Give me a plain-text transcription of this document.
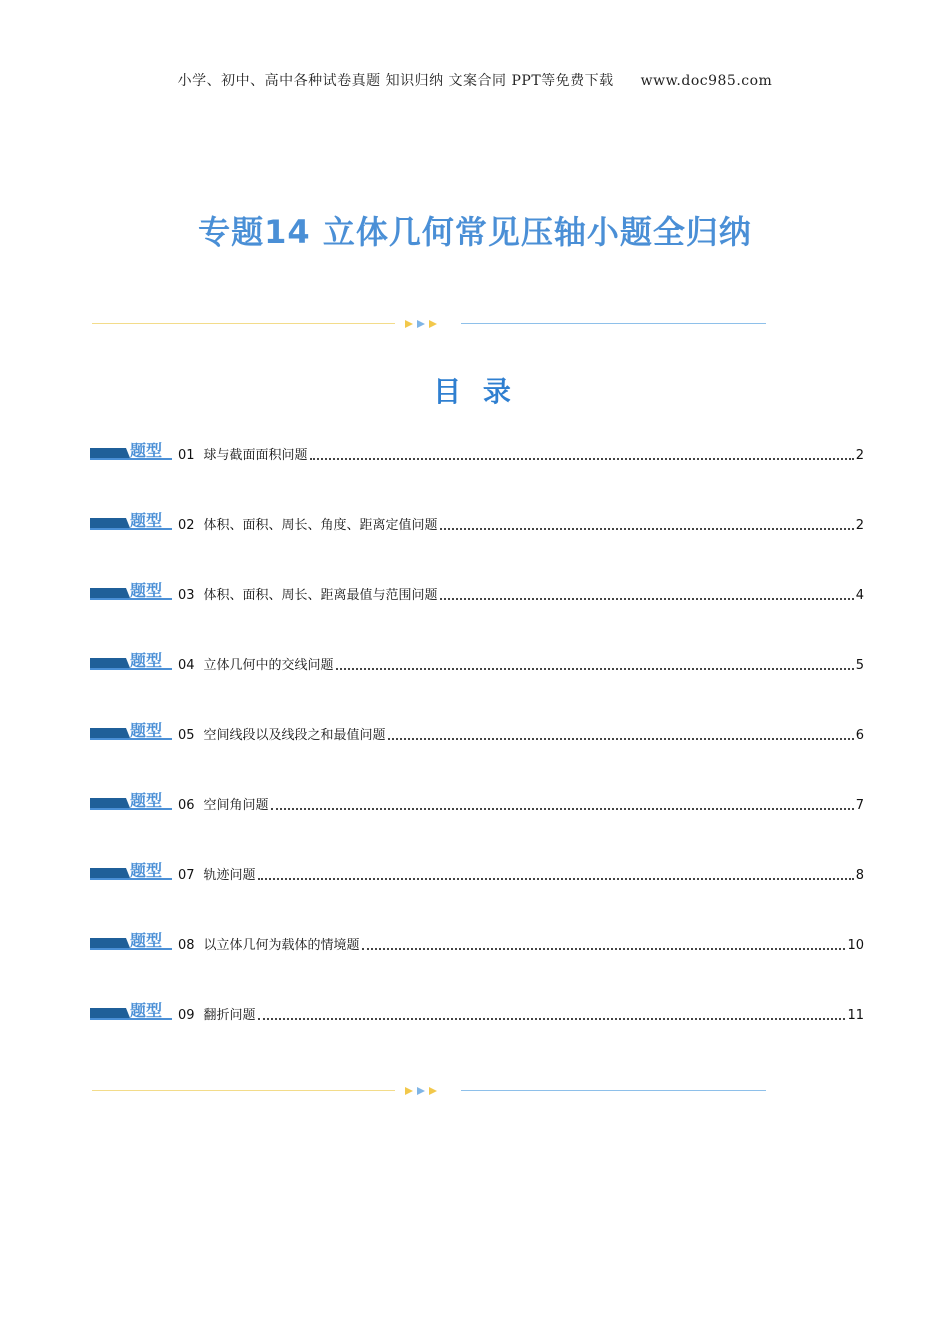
小学、初中、高中各种试卷真题 知识归纳 文案合同 PPT等免费下载 www.doc985.com
专题14 立体几何常见压轴小题全归纳
目 录
题型 01 球与截面面积问题	2
题型 02 体积、面积、周长、角度、距离定值问题	2
题型 03 体积、面积、周长、距离最值与范围问题	4
题型 04 立体几何中的交线问题	5
题型 05 空间线段以及线段之和最值问题	6
题型 06 空间角问题	7
题型 07 轨迹问题	8
题型 08 以立体几何为载体的情境题	10
题型 09 翻折问题	11
